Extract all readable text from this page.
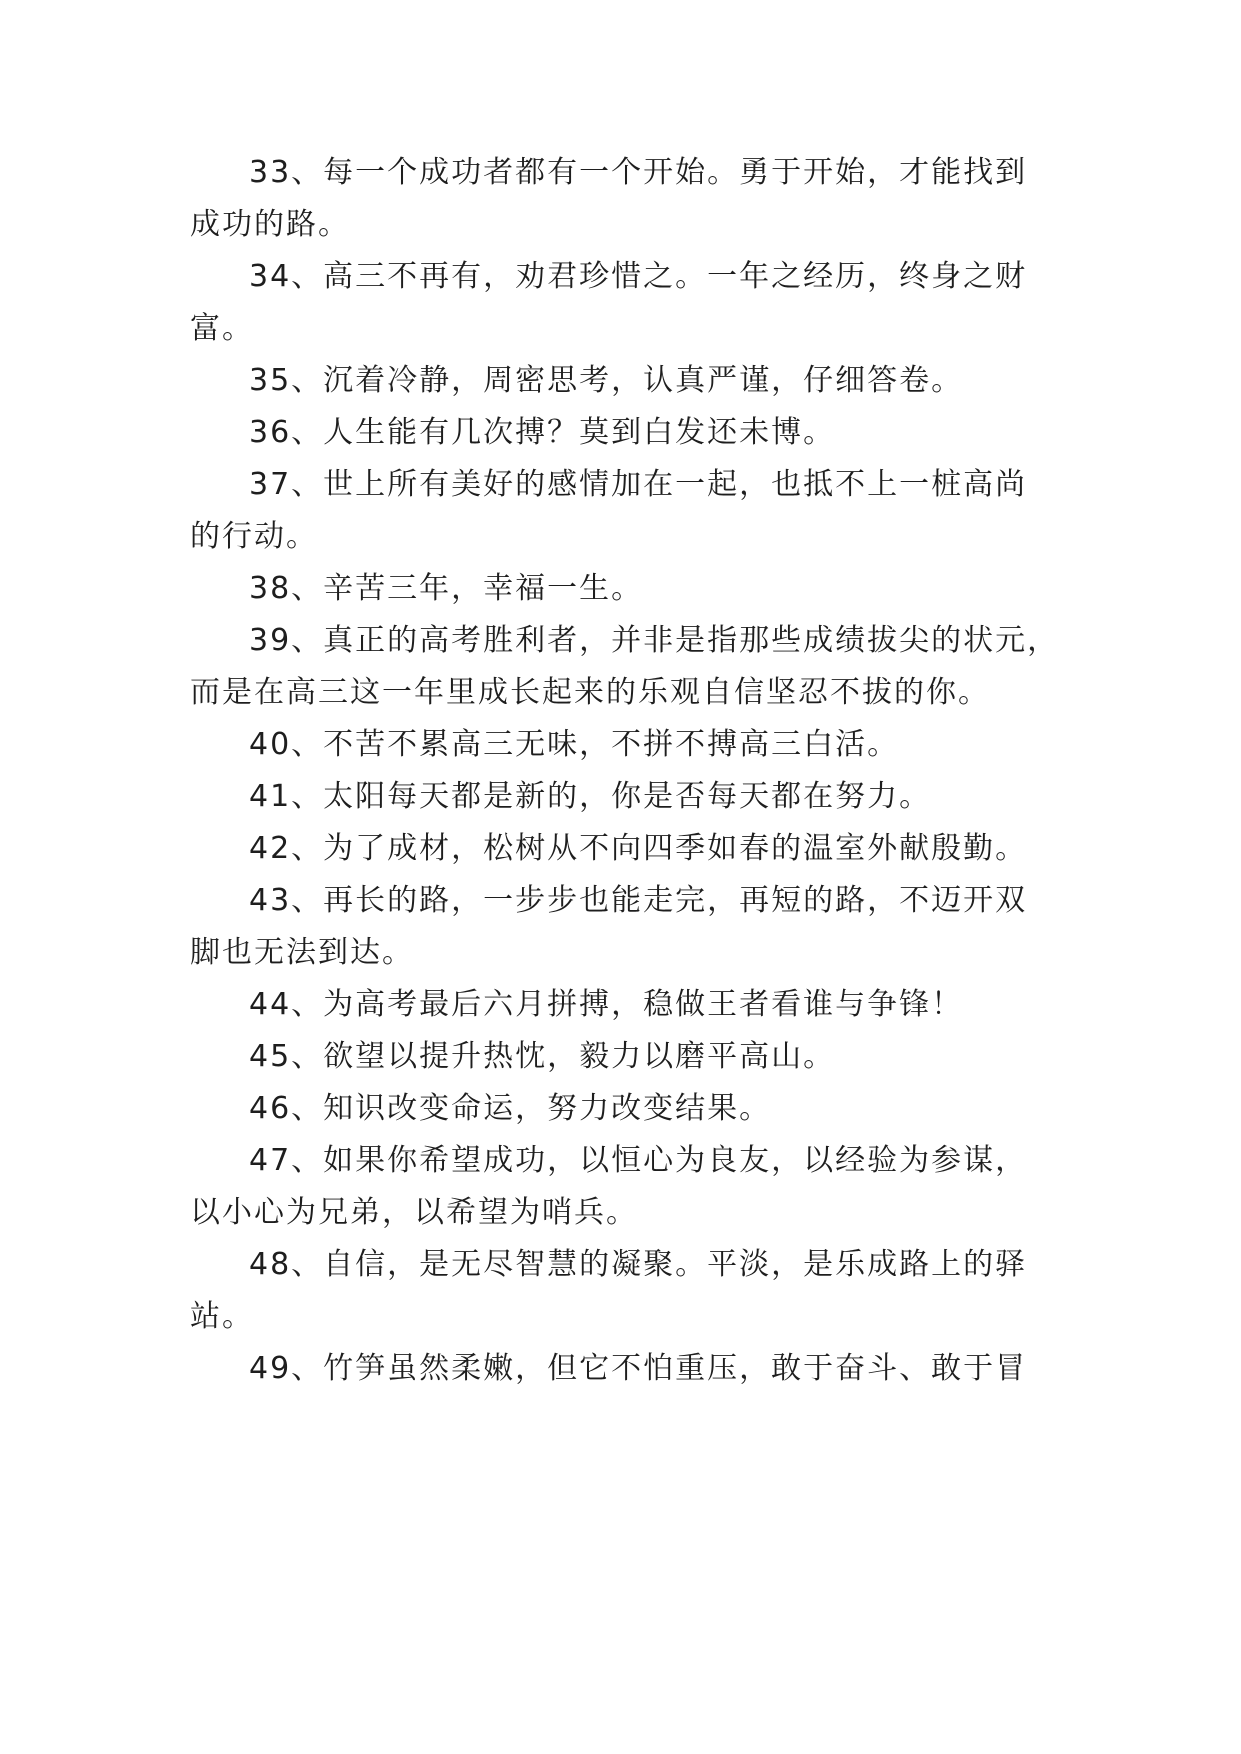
33、每一个成功者都有一个开始。勇于开始，才能找到
成功的路。
34、高三不再有，劝君珍惜之。一年之经历，终身之财
富。
35、沉着冷静，周密思考，认真严谨，仔细答卷。
36、人生能有几次搏？莫到白发还未博。
37、世上所有美好的感情加在一起，也抵不上一桩高尚
的行动。
38、辛苦三年，幸福一生。
39、真正的高考胜利者，并非是指那些成绩拔尖的状元，
而是在高三这一年里成长起来的乐观自信坚忍不拔的你。
40、不苦不累高三无味，不拼不搏高三白活。
41、太阳每天都是新的，你是否每天都在努力。
42、为了成材，松树从不向四季如春的温室外献殷勤。
43、再长的路，一步步也能走完，再短的路，不迈开双
脚也无法到达。
44、为高考最后六月拼搏，稳做王者看谁与争锋！
45、欲望以提升热忱，毅力以磨平高山。
46、知识改变命运，努力改变结果。
47、如果你希望成功，以恒心为良友，以经验为参谋，
以小心为兄弟，以希望为哨兵。
48、自信，是无尽智慧的凝聚。平淡，是乐成路上的驿
站。
49、竹笋虽然柔嫩，但它不怕重压，敢于奋斗、敢于冒
